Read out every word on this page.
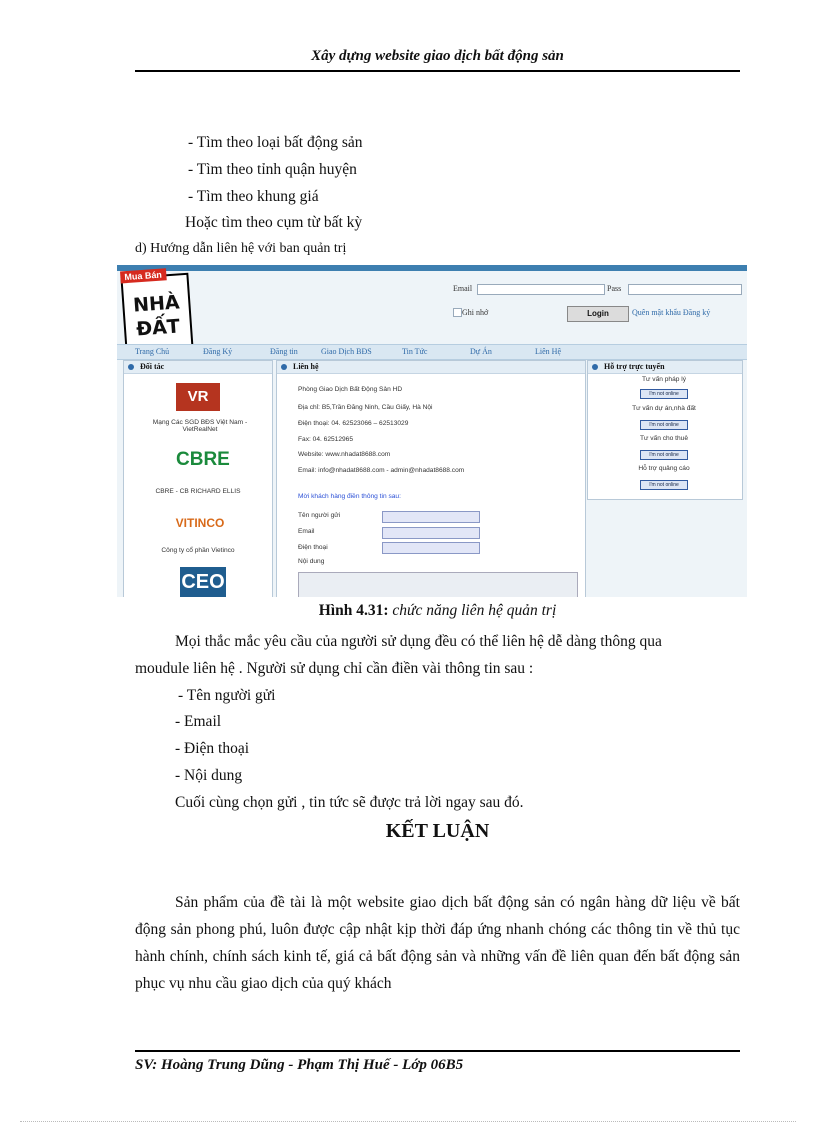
Xây dựng website giao dịch bất động sản
- Tìm theo loại bất động sản
- Tìm theo tỉnh quận huyện
- Tìm theo khung giá
Hoặc tìm theo cụm từ bất kỳ
d) Hướng dẫn liên hệ với ban quản trị
Mua Bán
NHÀ
ĐẤT
Email	Pass
Ghi nhớ	Login	Quên mật khẩu Đăng ký
Trang Chủ	Đăng Ký	Đăng tin	Giao Dịch BĐS	Tin Tức	Dự Án	Liên Hệ
Đối tác
VR
Mạng Các SGD BĐS Việt Nam - VietRealNet
CBRE
CBRE - CB RICHARD ELLIS
VITINCO
Công ty cổ phần Vietinco
CEO
Liên hệ
Phòng Giao Dịch Bất Động Sản HD
Địa chỉ: B5,Trần Đăng Ninh, Cầu Giấy, Hà Nội
Điện thoại: 04. 62523066 – 62513029
Fax: 04. 62512965
Website: www.nhadat8688.com
Email: info@nhadat8688.com - admin@nhadat8688.com
Mời khách hàng điền thông tin sau:
Tên người gửi
Email
Điện thoại
Nội dung
Hỗ trợ trực tuyến
Tư vấn pháp lý
I'm not online
Tư vấn dự án,nhà đất
I'm not online
Tư vấn cho thuê
I'm not online
Hỗ trợ quảng cáo
I'm not online
Hình 4.31: chức năng liên hệ quản trị
Mọi thắc mắc yêu cầu của người sử dụng đều có thể liên hệ dễ dàng thông qua
moudule liên hệ . Người sử dụng chỉ cần điền vài thông tin sau :
- Tên người gửi
- Email
- Điện thoại
- Nội dung
Cuối cùng chọn gửi , tin tức sẽ được trả lời ngay sau đó.
KẾT LUẬN
Sản phẩm của đề tài là một website giao dịch bất động sản có ngân hàng dữ liệu về bất động sản phong phú, luôn được cập nhật kịp thời đáp ứng nhanh chóng các thông tin về thủ tục hành chính, chính sách kinh tế, giá cả bất động sản và những vấn đề liên quan đến bất động sản phục vụ nhu cầu giao dịch của quý khách
SV: Hoàng Trung Dũng - Phạm Thị Huế - Lớp 06B5
